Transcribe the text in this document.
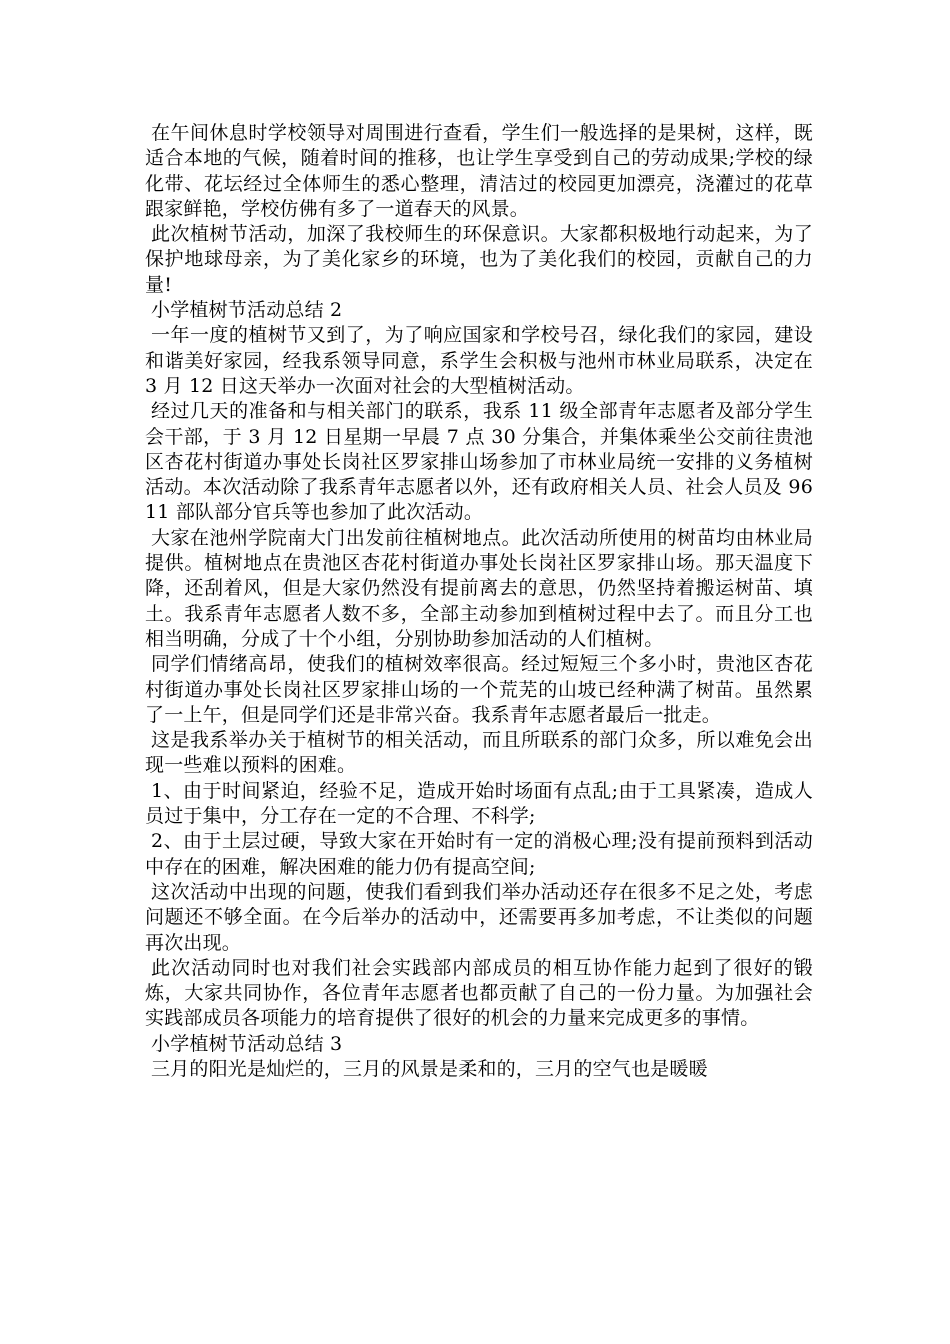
在午间休息时学校领导对周围进行查看，学生们一般选择的是果树，这样，既适合本地的气候，随着时间的推移，也让学生享受到自己的劳动成果;学校的绿化带、花坛经过全体师生的悉心整理，清洁过的校园更加漂亮，浇灌过的花草跟家鲜艳，学校仿佛有多了一道春天的风景。

此次植树节活动，加深了我校师生的环保意识。大家都积极地行动起来，为了保护地球母亲，为了美化家乡的环境，也为了美化我们的校园，贡献自己的力量!

小学植树节活动总结 2

一年一度的植树节又到了，为了响应国家和学校号召，绿化我们的家园，建设和谐美好家园，经我系领导同意，系学生会积极与池州市林业局联系，决定在 3 月 12 日这天举办一次面对社会的大型植树活动。

经过几天的准备和与相关部门的联系，我系 11 级全部青年志愿者及部分学生会干部，于 3 月 12 日星期一早晨 7 点 30 分集合，并集体乘坐公交前往贵池区杏花村街道办事处长岗社区罗家排山场参加了市林业局统一安排的义务植树活动。本次活动除了我系青年志愿者以外，还有政府相关人员、社会人员及 9611 部队部分官兵等也参加了此次活动。

大家在池州学院南大门出发前往植树地点。此次活动所使用的树苗均由林业局提供。植树地点在贵池区杏花村街道办事处长岗社区罗家排山场。那天温度下降，还刮着风，但是大家仍然没有提前离去的意思，仍然坚持着搬运树苗、填土。我系青年志愿者人数不多，全部主动参加到植树过程中去了。而且分工也相当明确，分成了十个小组，分别协助参加活动的人们植树。

同学们情绪高昂，使我们的植树效率很高。经过短短三个多小时，贵池区杏花村街道办事处长岗社区罗家排山场的一个荒芜的山坡已经种满了树苗。虽然累了一上午，但是同学们还是非常兴奋。我系青年志愿者最后一批走。

这是我系举办关于植树节的相关活动，而且所联系的部门众多，所以难免会出现一些难以预料的困难。

1、由于时间紧迫，经验不足，造成开始时场面有点乱;由于工具紧凑，造成人员过于集中，分工存在一定的不合理、不科学;

2、由于土层过硬，导致大家在开始时有一定的消极心理;没有提前预料到活动中存在的困难，解决困难的能力仍有提高空间;

这次活动中出现的问题，使我们看到我们举办活动还存在很多不足之处，考虑问题还不够全面。在今后举办的活动中，还需要再多加考虑，不让类似的问题再次出现。

此次活动同时也对我们社会实践部内部成员的相互协作能力起到了很好的锻炼，大家共同协作，各位青年志愿者也都贡献了自己的一份力量。为加强社会实践部成员各项能力的培育提供了很好的机会的力量来完成更多的事情。

小学植树节活动总结 3

三月的阳光是灿烂的，三月的风景是柔和的，三月的空气也是暖暖
